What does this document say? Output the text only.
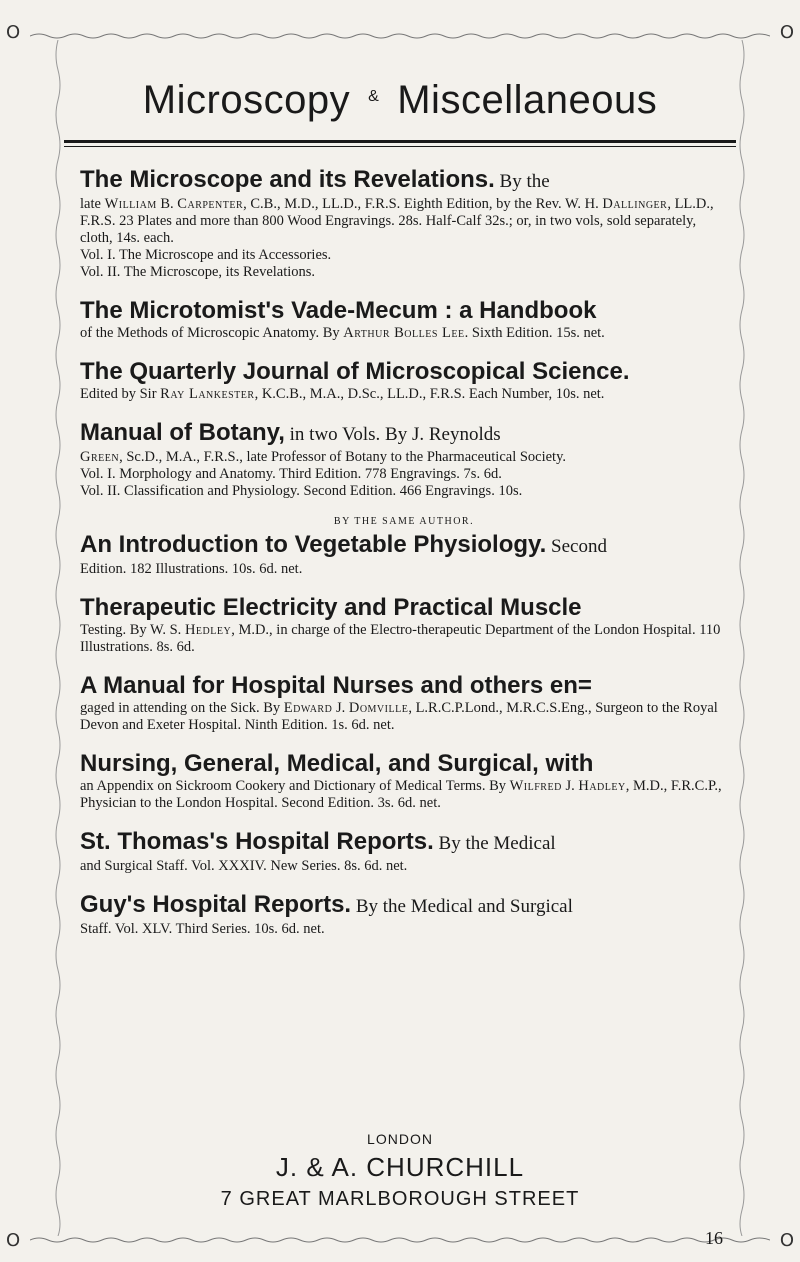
O	O
O	O
Microscopy & Miscellaneous
The Microscope and its Revelations. By the
late William B. Carpenter, C.B., M.D., LL.D., F.R.S. Eighth Edition, by the Rev. W. H. Dallinger, LL.D., F.R.S. 23 Plates and more than 800 Wood Engravings. 28s. Half-Calf 32s.; or, in two vols, sold separately, cloth, 14s. each.
Vol. I. The Microscope and its Accessories.
Vol. II. The Microscope, its Revelations.
The Microtomist's Vade-Mecum : a Handbook
of the Methods of Microscopic Anatomy. By Arthur Bolles Lee. Sixth Edition. 15s. net.
The Quarterly Journal of Microscopical Science.
Edited by Sir Ray Lankester, K.C.B., M.A., D.Sc., LL.D., F.R.S. Each Number, 10s. net.
Manual of Botany, in two Vols. By J. Reynolds
Green, Sc.D., M.A., F.R.S., late Professor of Botany to the Pharmaceutical Society.
Vol. I. Morphology and Anatomy. Third Edition. 778 Engravings. 7s. 6d.
Vol. II. Classification and Physiology. Second Edition. 466 Engravings. 10s.
BY THE SAME AUTHOR.
An Introduction to Vegetable Physiology. Second
Edition. 182 Illustrations. 10s. 6d. net.
Therapeutic Electricity and Practical Muscle
Testing. By W. S. Hedley, M.D., in charge of the Electro-therapeutic Department of the London Hospital. 110 Illustrations. 8s. 6d.
A Manual for Hospital Nurses and others en=
gaged in attending on the Sick. By Edward J. Domville, L.R.C.P.Lond., M.R.C.S.Eng., Surgeon to the Royal Devon and Exeter Hospital. Ninth Edition. 1s. 6d. net.
Nursing, General, Medical, and Surgical, with
an Appendix on Sickroom Cookery and Dictionary of Medical Terms. By Wilfred J. Hadley, M.D., F.R.C.P., Physician to the London Hospital. Second Edition. 3s. 6d. net.
St. Thomas's Hospital Reports. By the Medical
and Surgical Staff. Vol. XXXIV. New Series. 8s. 6d. net.
Guy's Hospital Reports. By the Medical and Surgical
Staff. Vol. XLV. Third Series. 10s. 6d. net.
LONDON
J. & A. CHURCHILL
7 GREAT MARLBOROUGH STREET
16
